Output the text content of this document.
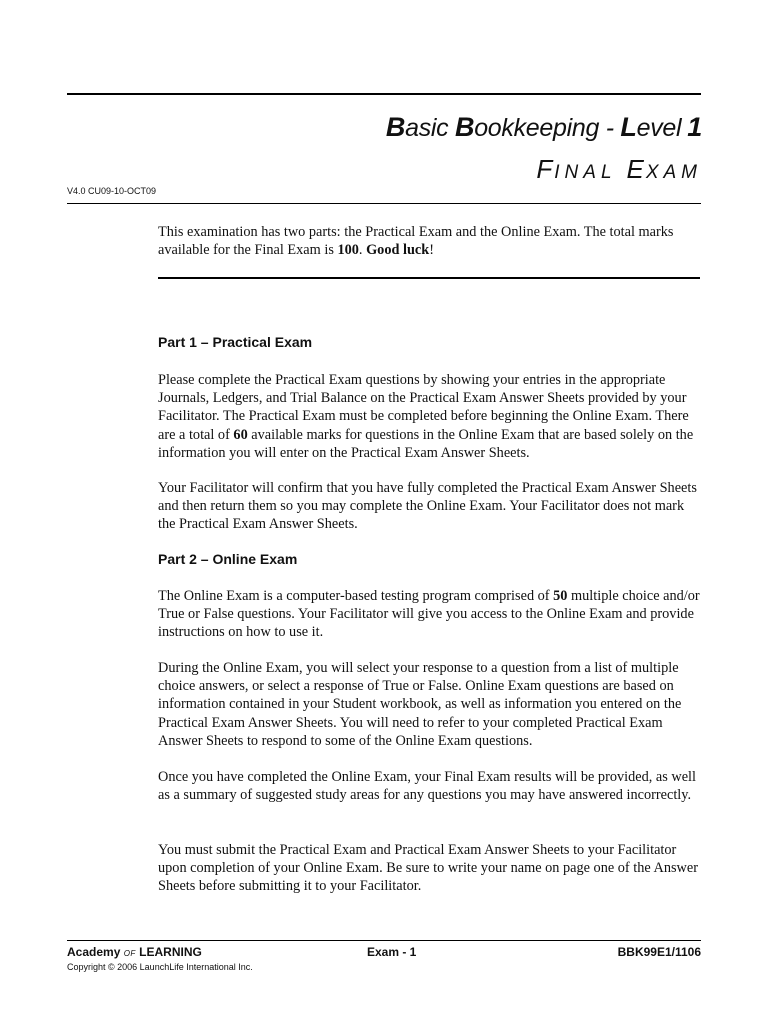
Basic Bookkeeping - Level 1
FINAL EXAM
V4.0 CU09-10-OCT09

This examination has two parts: the Practical Exam and the Online Exam. The total marks available for the Final Exam is 100. Good luck!

Part 1 – Practical Exam

Please complete the Practical Exam questions by showing your entries in the appropriate Journals, Ledgers, and Trial Balance on the Practical Exam Answer Sheets provided by your Facilitator. The Practical Exam must be completed before beginning the Online Exam. There are a total of 60 available marks for questions in the Online Exam that are based solely on the information you will enter on the Practical Exam Answer Sheets.

Your Facilitator will confirm that you have fully completed the Practical Exam Answer Sheets and then return them so you may complete the Online Exam. Your Facilitator does not mark the Practical Exam Answer Sheets.

Part 2 – Online Exam

The Online Exam is a computer-based testing program comprised of 50 multiple choice and/or True or False questions. Your Facilitator will give you access to the Online Exam and provide instructions on how to use it.

During the Online Exam, you will select your response to a question from a list of multiple choice answers, or select a response of True or False. Online Exam questions are based on information contained in your Student workbook, as well as information you entered on the Practical Exam Answer Sheets. You will need to refer to your completed Practical Exam Answer Sheets to respond to some of the Online Exam questions.

Once you have completed the Online Exam, your Final Exam results will be provided, as well as a summary of suggested study areas for any questions you may have answered incorrectly.

You must submit the Practical Exam and Practical Exam Answer Sheets to your Facilitator upon completion of your Online Exam. Be sure to write your name on page one of the Answer Sheets before submitting it to your Facilitator.

Academy OF LEARNING
Copyright © 2006 LaunchLife International Inc.
Exam - 1	BBK99E1/1106
